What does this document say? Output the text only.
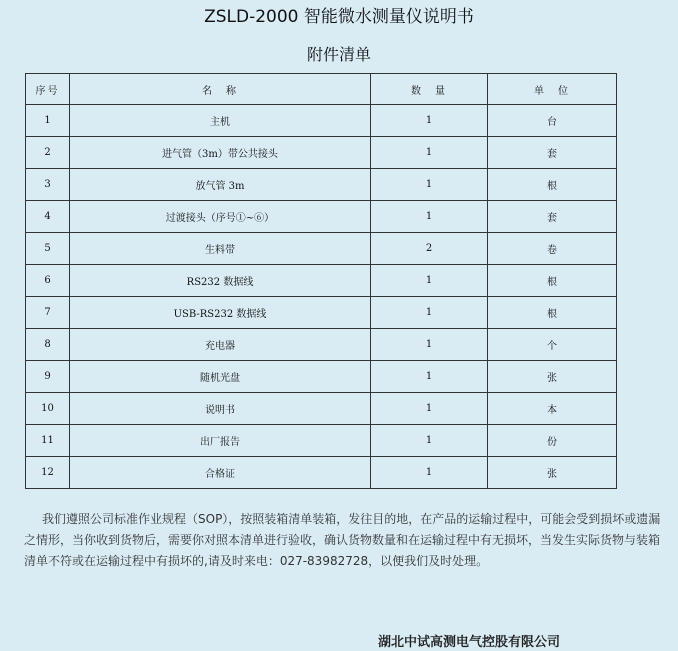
ZSLD-2000 智能微水测量仪说明书
附件清单
序号	名　称	数　量	单　位
1	主机	1	台
2	进气管（3m）带公共接头	1	套
3	放气管 3m	1	根
4	过渡接头（序号①~⑥）	1	套
5	生料带	2	卷
6	RS232 数据线	1	根
7	USB-RS232 数据线	1	根
8	充电器	1	个
9	随机光盘	1	张
10	说明书	1	本
11	出厂报告	1	份
12	合格证	1	张
我们遵照公司标准作业规程（SOP），按照装箱清单装箱，发往目的地，在产品的运输过程中，可能会受到损坏或遗漏之情形，当你收到货物后，需要你对照本清单进行验收，确认货物数量和在运输过程中有无损坏，当发生实际货物与装箱清单不符或在运输过程中有损坏的,请及时来电：027-83982728，以便我们及时处理。
湖北中试高测电气控股有限公司
